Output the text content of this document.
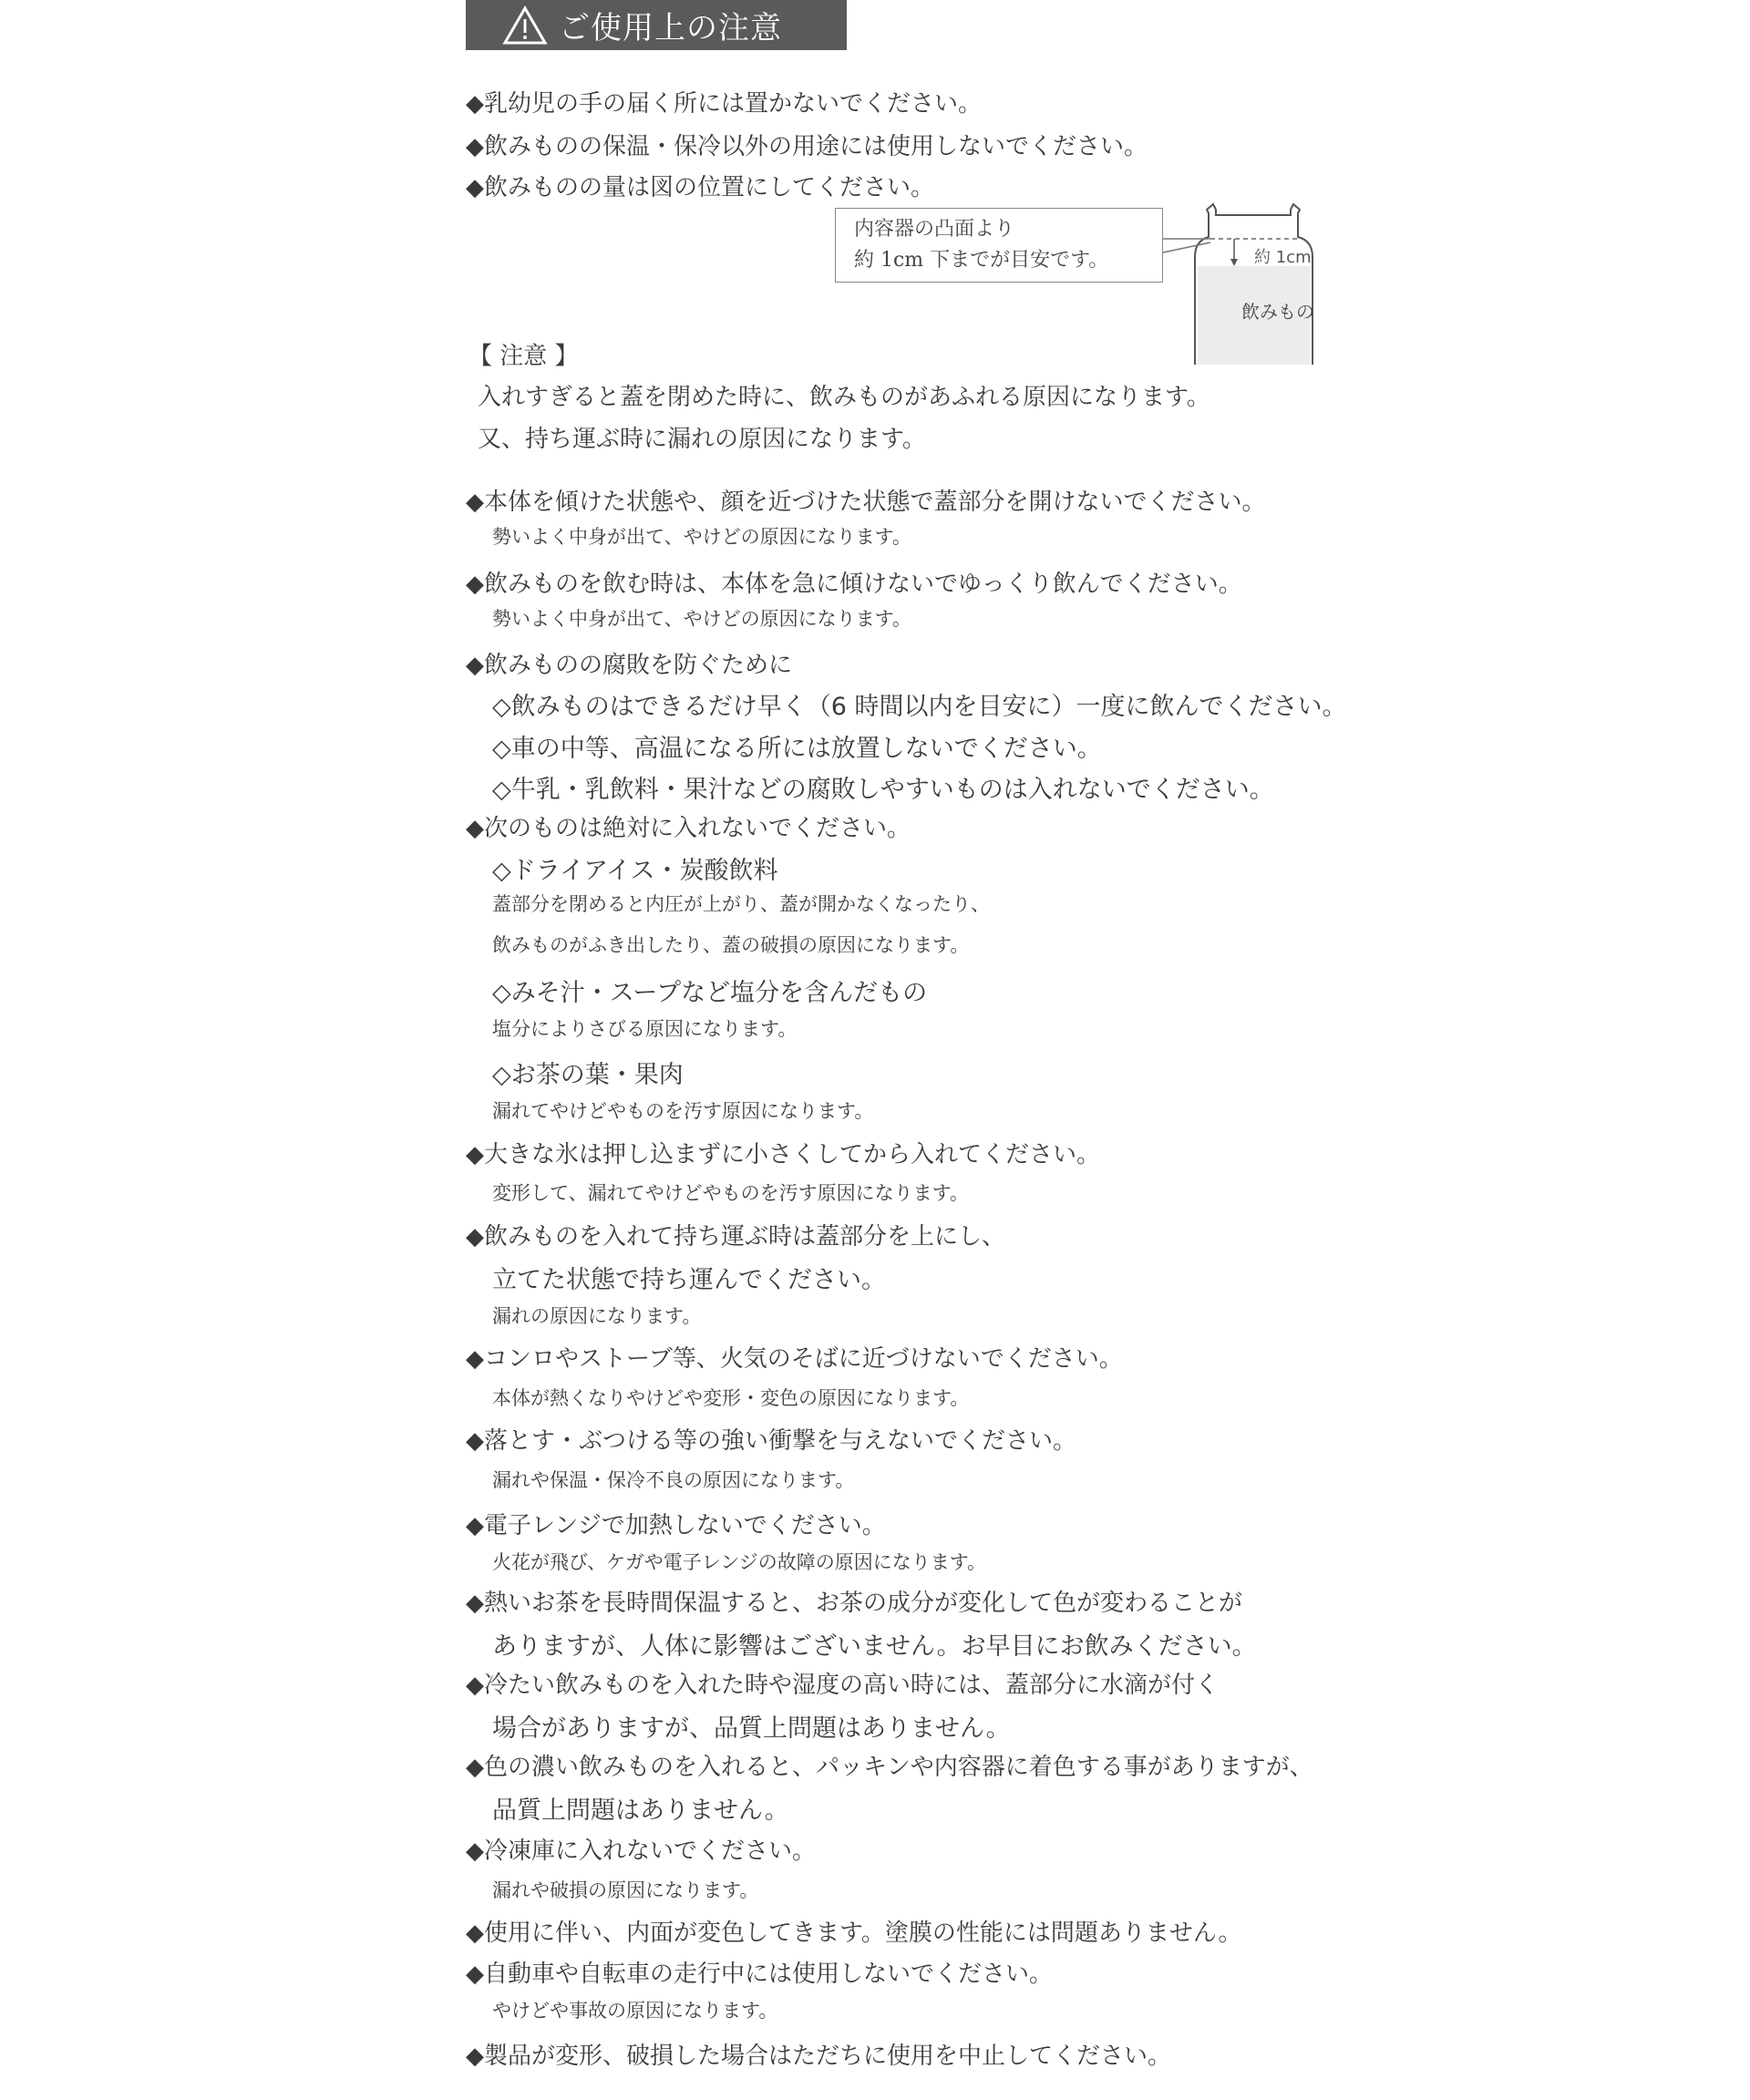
ご使用上の注意
◆乳幼児の手の届く所には置かないでください。
◆飲みものの保温・保冷以外の用途には使用しないでください。
◆飲みものの量は図の位置にしてください。
内容器の凸面より
約 1cm 下までが目安です。	約 1cm
飲みもの
【 注意 】
入れすぎると蓋を閉めた時に、飲みものがあふれる原因になります。
又、持ち運ぶ時に漏れの原因になります。
◆本体を傾けた状態や、顔を近づけた状態で蓋部分を開けないでください。
勢いよく中身が出て、やけどの原因になります。
◆飲みものを飲む時は、本体を急に傾けないでゆっくり飲んでください。
勢いよく中身が出て、やけどの原因になります。
◆飲みものの腐敗を防ぐために
◇飲みものはできるだけ早く（6 時間以内を目安に）一度に飲んでください。
◇車の中等、高温になる所には放置しないでください。
◇牛乳・乳飲料・果汁などの腐敗しやすいものは入れないでください。
◆次のものは絶対に入れないでください。
◇ドライアイス・炭酸飲料
蓋部分を閉めると内圧が上がり、蓋が開かなくなったり、
飲みものがふき出したり、蓋の破損の原因になります。
◇みそ汁・スープなど塩分を含んだもの
塩分によりさびる原因になります。
◇お茶の葉・果肉
漏れてやけどやものを汚す原因になります。
◆大きな氷は押し込まずに小さくしてから入れてください。
変形して、漏れてやけどやものを汚す原因になります。
◆飲みものを入れて持ち運ぶ時は蓋部分を上にし、
立てた状態で持ち運んでください。
漏れの原因になります。
◆コンロやストーブ等、火気のそばに近づけないでください。
本体が熱くなりやけどや変形・変色の原因になります。
◆落とす・ぶつける等の強い衝撃を与えないでください。
漏れや保温・保冷不良の原因になります。
◆電子レンジで加熱しないでください。
火花が飛び、ケガや電子レンジの故障の原因になります。
◆熱いお茶を長時間保温すると、お茶の成分が変化して色が変わることが
ありますが、人体に影響はございません。お早目にお飲みください。
◆冷たい飲みものを入れた時や湿度の高い時には、蓋部分に水滴が付く
場合がありますが、品質上問題はありません。
◆色の濃い飲みものを入れると、パッキンや内容器に着色する事がありますが、
品質上問題はありません。
◆冷凍庫に入れないでください。
漏れや破損の原因になります。
◆使用に伴い、内面が変色してきます。塗膜の性能には問題ありません。
◆自動車や自転車の走行中には使用しないでください。
やけどや事故の原因になります。
◆製品が変形、破損した場合はただちに使用を中止してください。
